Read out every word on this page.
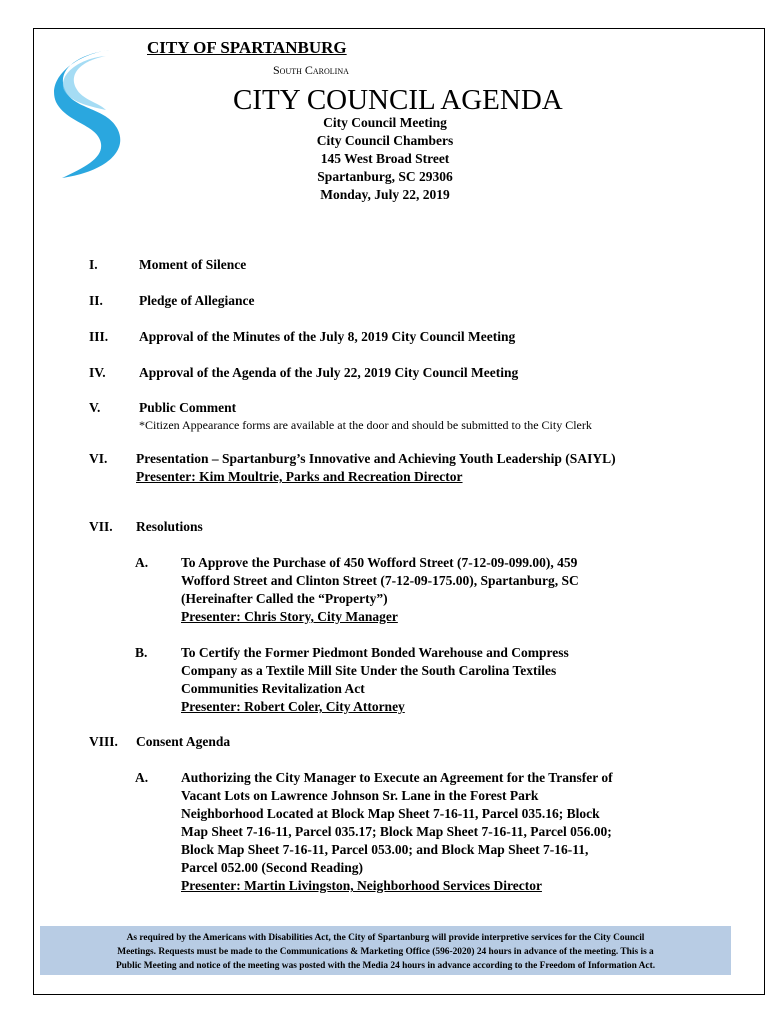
CITY OF SPARTANBURG
South Carolina
CITY COUNCIL AGENDA
City Council Meeting
City Council Chambers
145 West Broad Street
Spartanburg, SC 29306
Monday, July 22, 2019
I.	Moment of Silence
II.	Pledge of Allegiance
III. Approval of the Minutes of the July 8, 2019 City Council Meeting
IV. Approval of the Agenda of the July 22, 2019 City Council Meeting
V.	Public Comment
*Citizen Appearance forms are available at the door and should be submitted to the City Clerk
VI. Presentation – Spartanburg’s Innovative and Achieving Youth Leadership (SAIYL)
Presenter: Kim Moultrie, Parks and Recreation Director
VII. Resolutions
A. To Approve the Purchase of 450 Wofford Street (7-12-09-099.00), 459
Wofford Street and Clinton Street (7-12-09-175.00), Spartanburg, SC
(Hereinafter Called the “Property”)
Presenter: Chris Story, City Manager
B. To Certify the Former Piedmont Bonded Warehouse and Compress
Company as a Textile Mill Site Under the South Carolina Textiles
Communities Revitalization Act
Presenter: Robert Coler, City Attorney
VIII. Consent Agenda
A. Authorizing the City Manager to Execute an Agreement for the Transfer of
Vacant Lots on Lawrence Johnson Sr. Lane in the Forest Park
Neighborhood Located at Block Map Sheet 7-16-11, Parcel 035.16; Block
Map Sheet 7-16-11, Parcel 035.17; Block Map Sheet 7-16-11, Parcel 056.00;
Block Map Sheet 7-16-11, Parcel 053.00; and Block Map Sheet 7-16-11,
Parcel 052.00 (Second Reading)
Presenter: Martin Livingston, Neighborhood Services Director
As required by the Americans with Disabilities Act, the City of Spartanburg will provide interpretive services for the City Council
Meetings. Requests must be made to the Communications & Marketing Office (596-2020) 24 hours in advance of the meeting. This is a
Public Meeting and notice of the meeting was posted with the Media 24 hours in advance according to the Freedom of Information Act.
